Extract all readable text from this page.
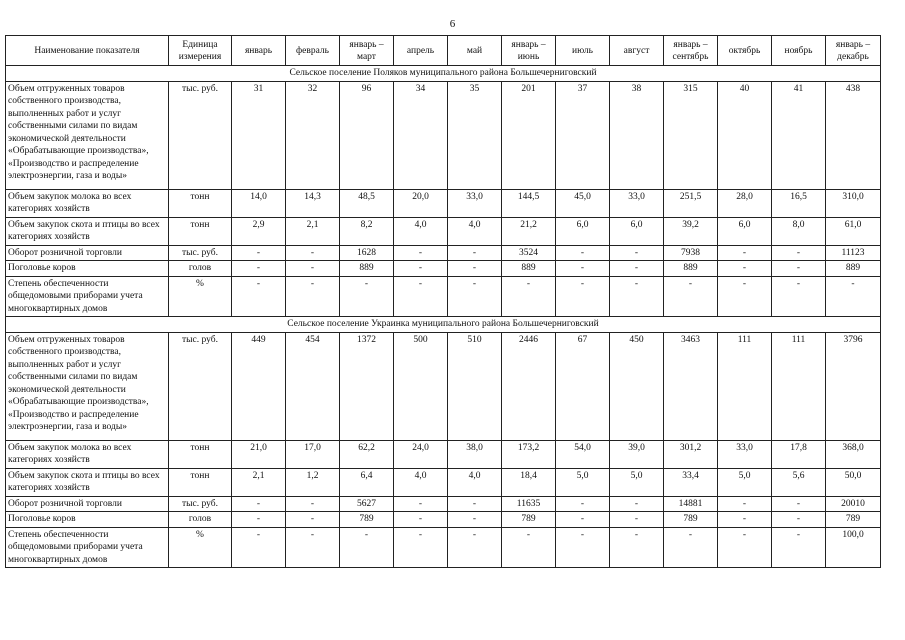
6
Наименование показателя	Единица измерения	январь	февраль	январь – март	апрель	май	январь – июнь	июль	август	январь – сентябрь	октябрь	ноябрь	январь – декабрь
Сельское поселение Поляков муниципального района Большечерниговский													
Объем отгруженных товаров собственного производства, выполненных работ и услуг собственными силами по видам экономической деятельности «Обрабатывающие производства», «Производство и распределение электроэнергии, газа и воды»	тыс. руб.	31	32	96	34	35	201	37	38	315	40	41	438
Объем закупок молока во всех категориях хозяйств	тонн	14,0	14,3	48,5	20,0	33,0	144,5	45,0	33,0	251,5	28,0	16,5	310,0
Объем закупок скота и птицы во всех категориях хозяйств	тонн	2,9	2,1	8,2	4,0	4,0	21,2	6,0	6,0	39,2	6,0	8,0	61,0
Оборот розничной торговли	тыс. руб.	-	-	1628	-	-	3524	-	-	7938	-	-	11123
Поголовье коров	голов	-	-	889	-	-	889	-	-	889	-	-	889
Степень обеспеченности общедомовыми приборами учета многоквартирных домов	%	-	-	-	-	-	-	-	-	-	-	-	-
Сельское поселение Украинка муниципального района Большечерниговский													
Объем отгруженных товаров собственного производства, выполненных работ и услуг собственными силами по видам экономической деятельности «Обрабатывающие производства», «Производство и распределение электроэнергии, газа и воды»	тыс. руб.	449	454	1372	500	510	2446	67	450	3463	111	111	3796
Объем закупок молока во всех категориях хозяйств	тонн	21,0	17,0	62,2	24,0	38,0	173,2	54,0	39,0	301,2	33,0	17,8	368,0
Объем закупок скота и птицы во всех категориях хозяйств	тонн	2,1	1,2	6,4	4,0	4,0	18,4	5,0	5,0	33,4	5,0	5,6	50,0
Оборот розничной торговли	тыс. руб.	-	-	5627	-	-	11635	-	-	14881	-	-	20010
Поголовье коров	голов	-	-	789	-	-	789	-	-	789	-	-	789
Степень обеспеченности общедомовыми приборами учета многоквартирных домов	%	-	-	-	-	-	-	-	-	-	-	-	100,0
